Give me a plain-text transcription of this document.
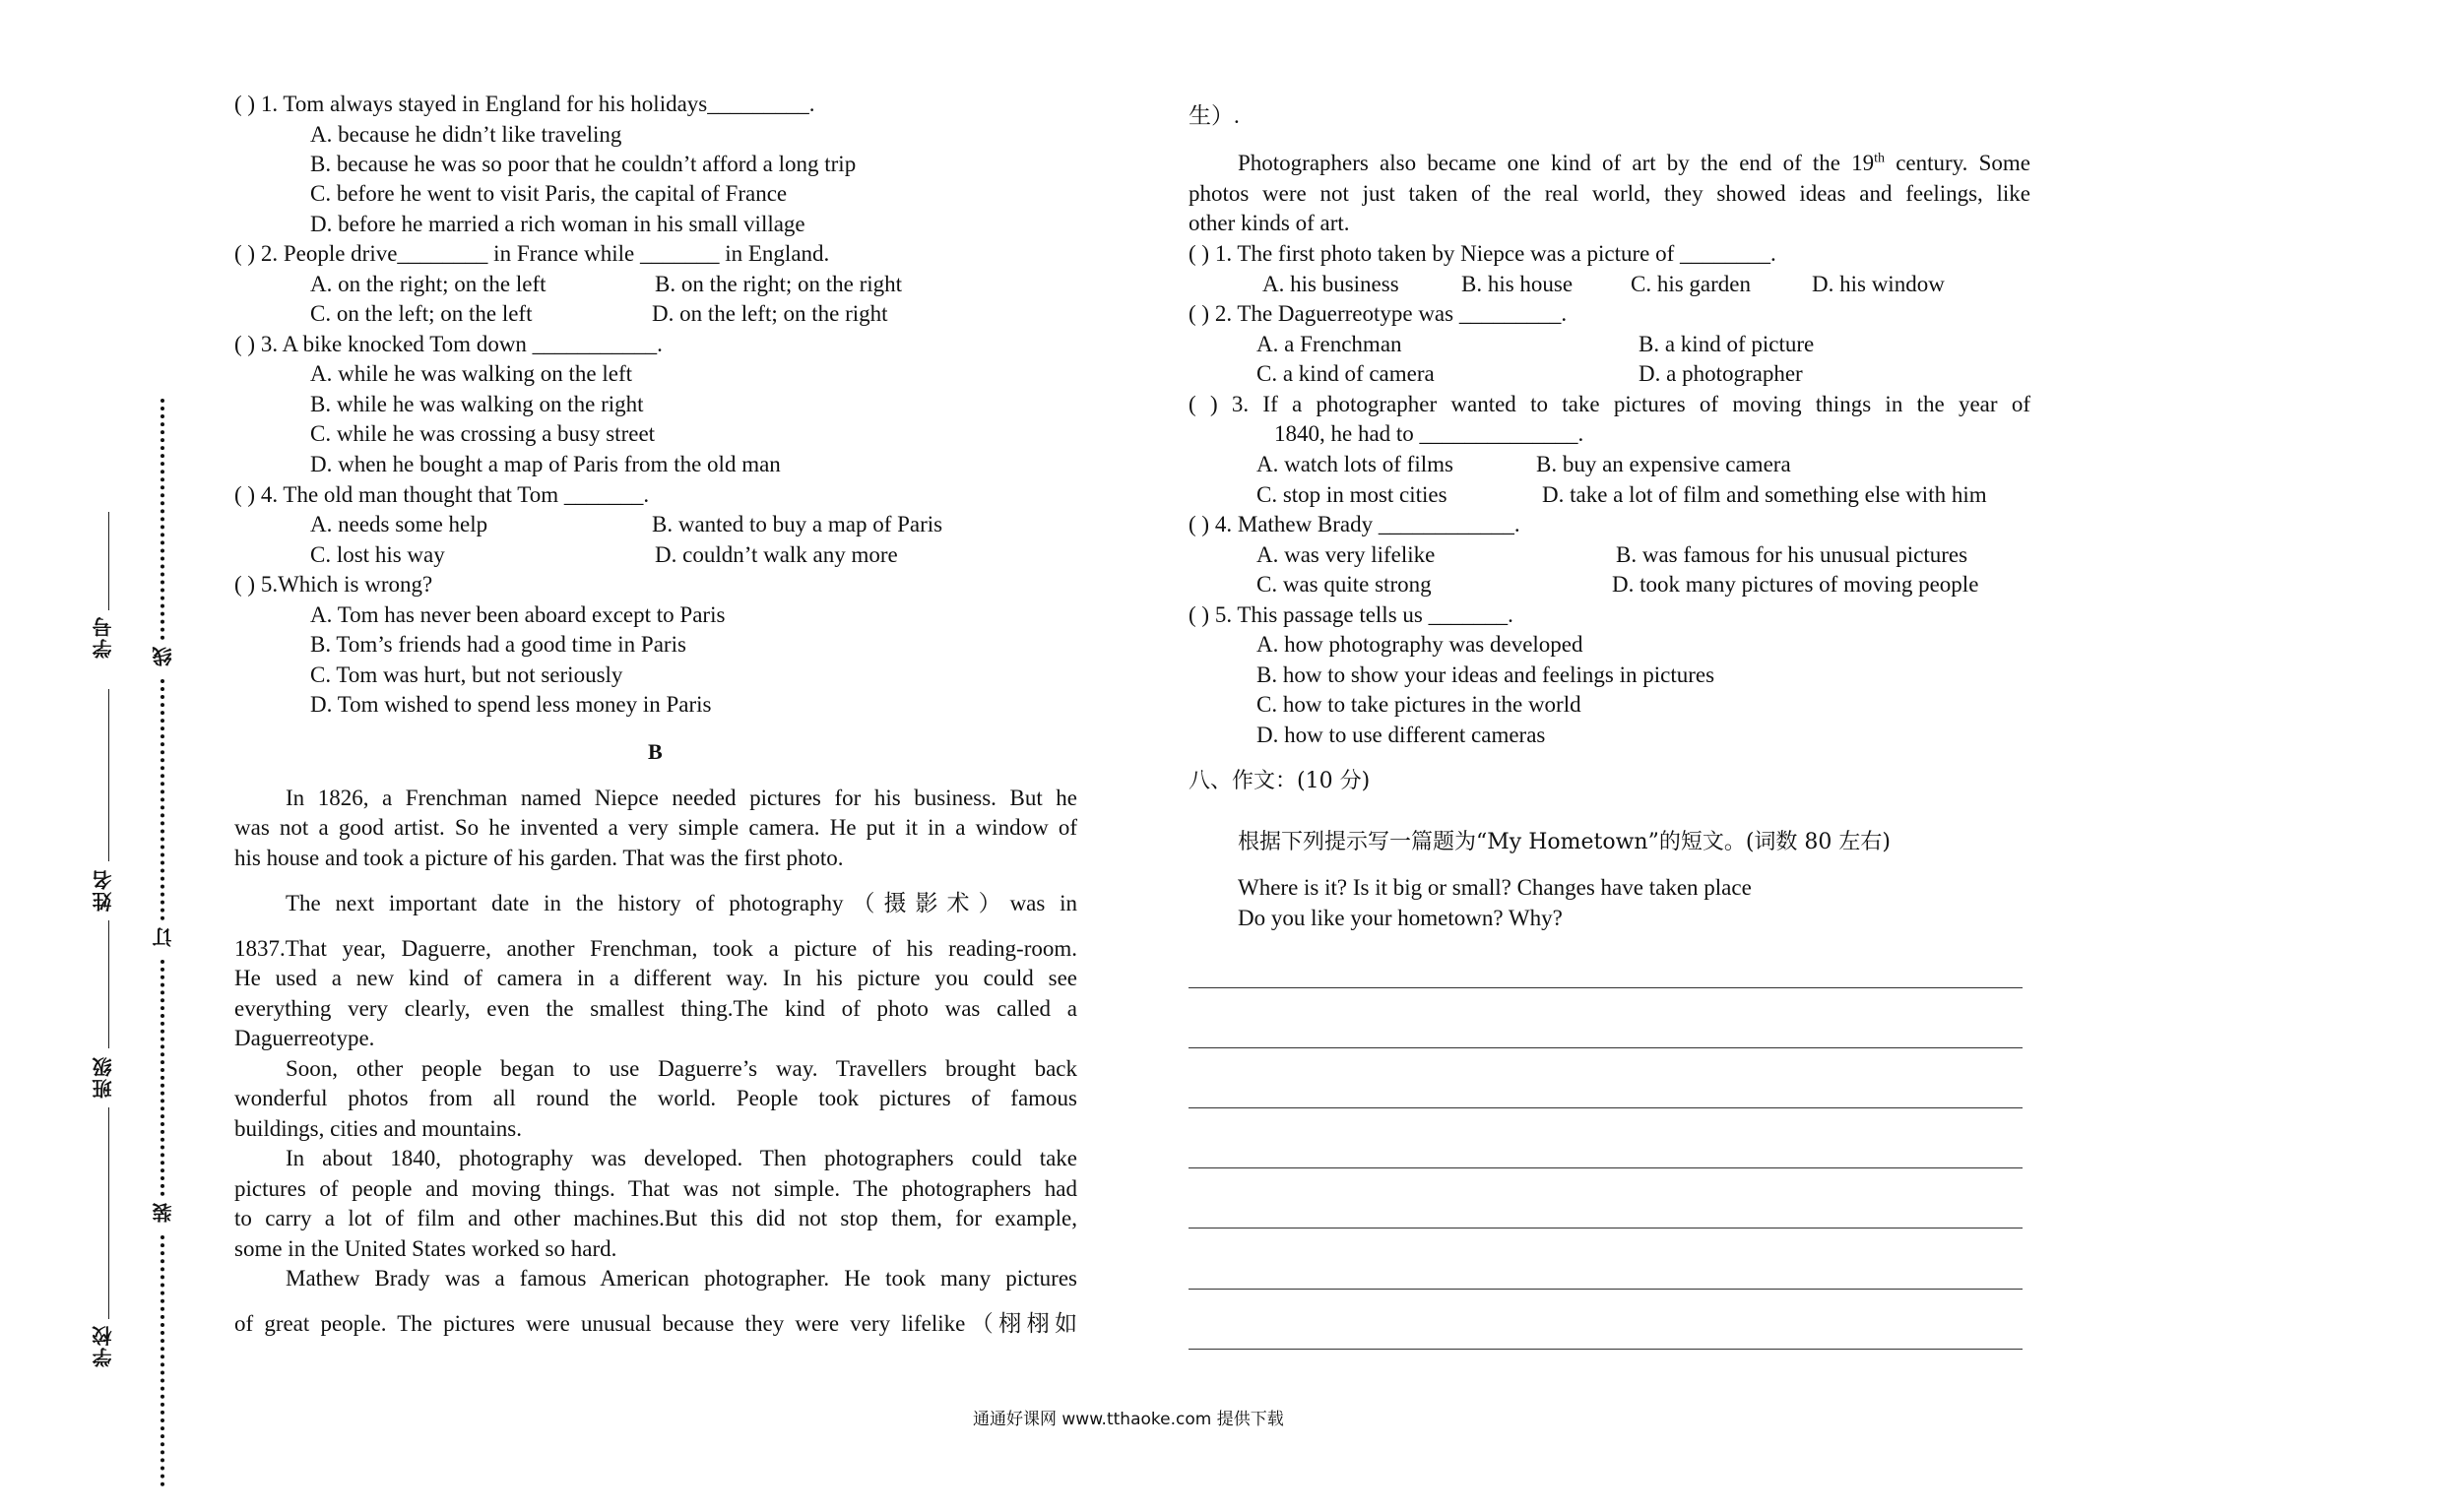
学号
姓名
班级
学校
线
订
装
( ) 1. Tom always stayed in England for his holidays_________.
A. because he didn’t like traveling
B. because he was so poor that he couldn’t afford a long trip
C. before he went to visit Paris, the capital of France
D. before he married a rich woman in his small village
( ) 2. People drive________ in France while _______ in England.
A. on the right; on the left	B. on the right; on the right
C. on the left; on the left	D. on the left; on the right
( ) 3. A bike knocked Tom down ___________.
A. while he was walking on the left
B. while he was walking on the right
C. while he was crossing a busy street
D. when he bought a map of Paris from the old man
( ) 4. The old man thought that Tom _______.
A. needs some help	B. wanted to buy a map of Paris
C. lost his way	D. couldn’t walk any more
( ) 5.Which is wrong?
A. Tom has never been aboard except to Paris
B. Tom’s friends had a good time in Paris
C. Tom was hurt, but not seriously
D. Tom wished to spend less money in Paris
B
In 1826, a Frenchman named Niepce needed pictures for his business. But he
was not a good artist. So he invented a very simple camera. He put it in a window of
his house and took a picture of his garden. That was the first photo.
The next important date in the history of photography（摄影术）was in
1837.That year, Daguerre, another Frenchman, took a picture of his reading-room.
He used a new kind of camera in a different way. In his picture you could see
everything very clearly, even the smallest thing.The kind of photo was called a
Daguerreotype.
Soon, other people began to use Daguerre’s way. Travellers brought back
wonderful photos from all round the world. People took pictures of famous
buildings, cities and mountains.
In about 1840, photography was developed. Then photographers could take
pictures of people and moving things. That was not simple. The photographers had
to carry a lot of film and other machines.But this did not stop them, for example,
some in the United States worked so hard.
Mathew Brady was a famous American photographer. He took many pictures
of great people. The pictures were unusual because they were very lifelike（栩栩如
生）.
Photographers also became one kind of art by the end of the 19th century. Some
photos were not just taken of the real world, they showed ideas and feelings, like
other kinds of art.
( ) 1. The first photo taken by Niepce was a picture of ________.
A. his business	B. his house	C. his garden	D. his window
( ) 2. The Daguerreotype was _________.
A. a Frenchman	B. a kind of picture
C. a kind of camera	D. a photographer
( ) 3. If a photographer wanted to take pictures of moving things in the year of
1840, he had to ______________.
A. watch lots of films	B. buy an expensive camera
C. stop in most cities	D. take a lot of film and something else with him
( ) 4. Mathew Brady ____________.
A. was very lifelike	B. was famous for his unusual pictures
C. was quite strong	D. took many pictures of moving people
( ) 5. This passage tells us _______.
A. how photography was developed
B. how to show your ideas and feelings in pictures
C. how to take pictures in the world
D. how to use different cameras
八、作文：(10 分)
根据下列提示写一篇题为“My Hometown”的短文。(词数 80 左右)
Where is it? Is it big or small? Changes have taken place
Do you like your hometown? Why?
通通好课网 www.tthaoke.com 提供下载
